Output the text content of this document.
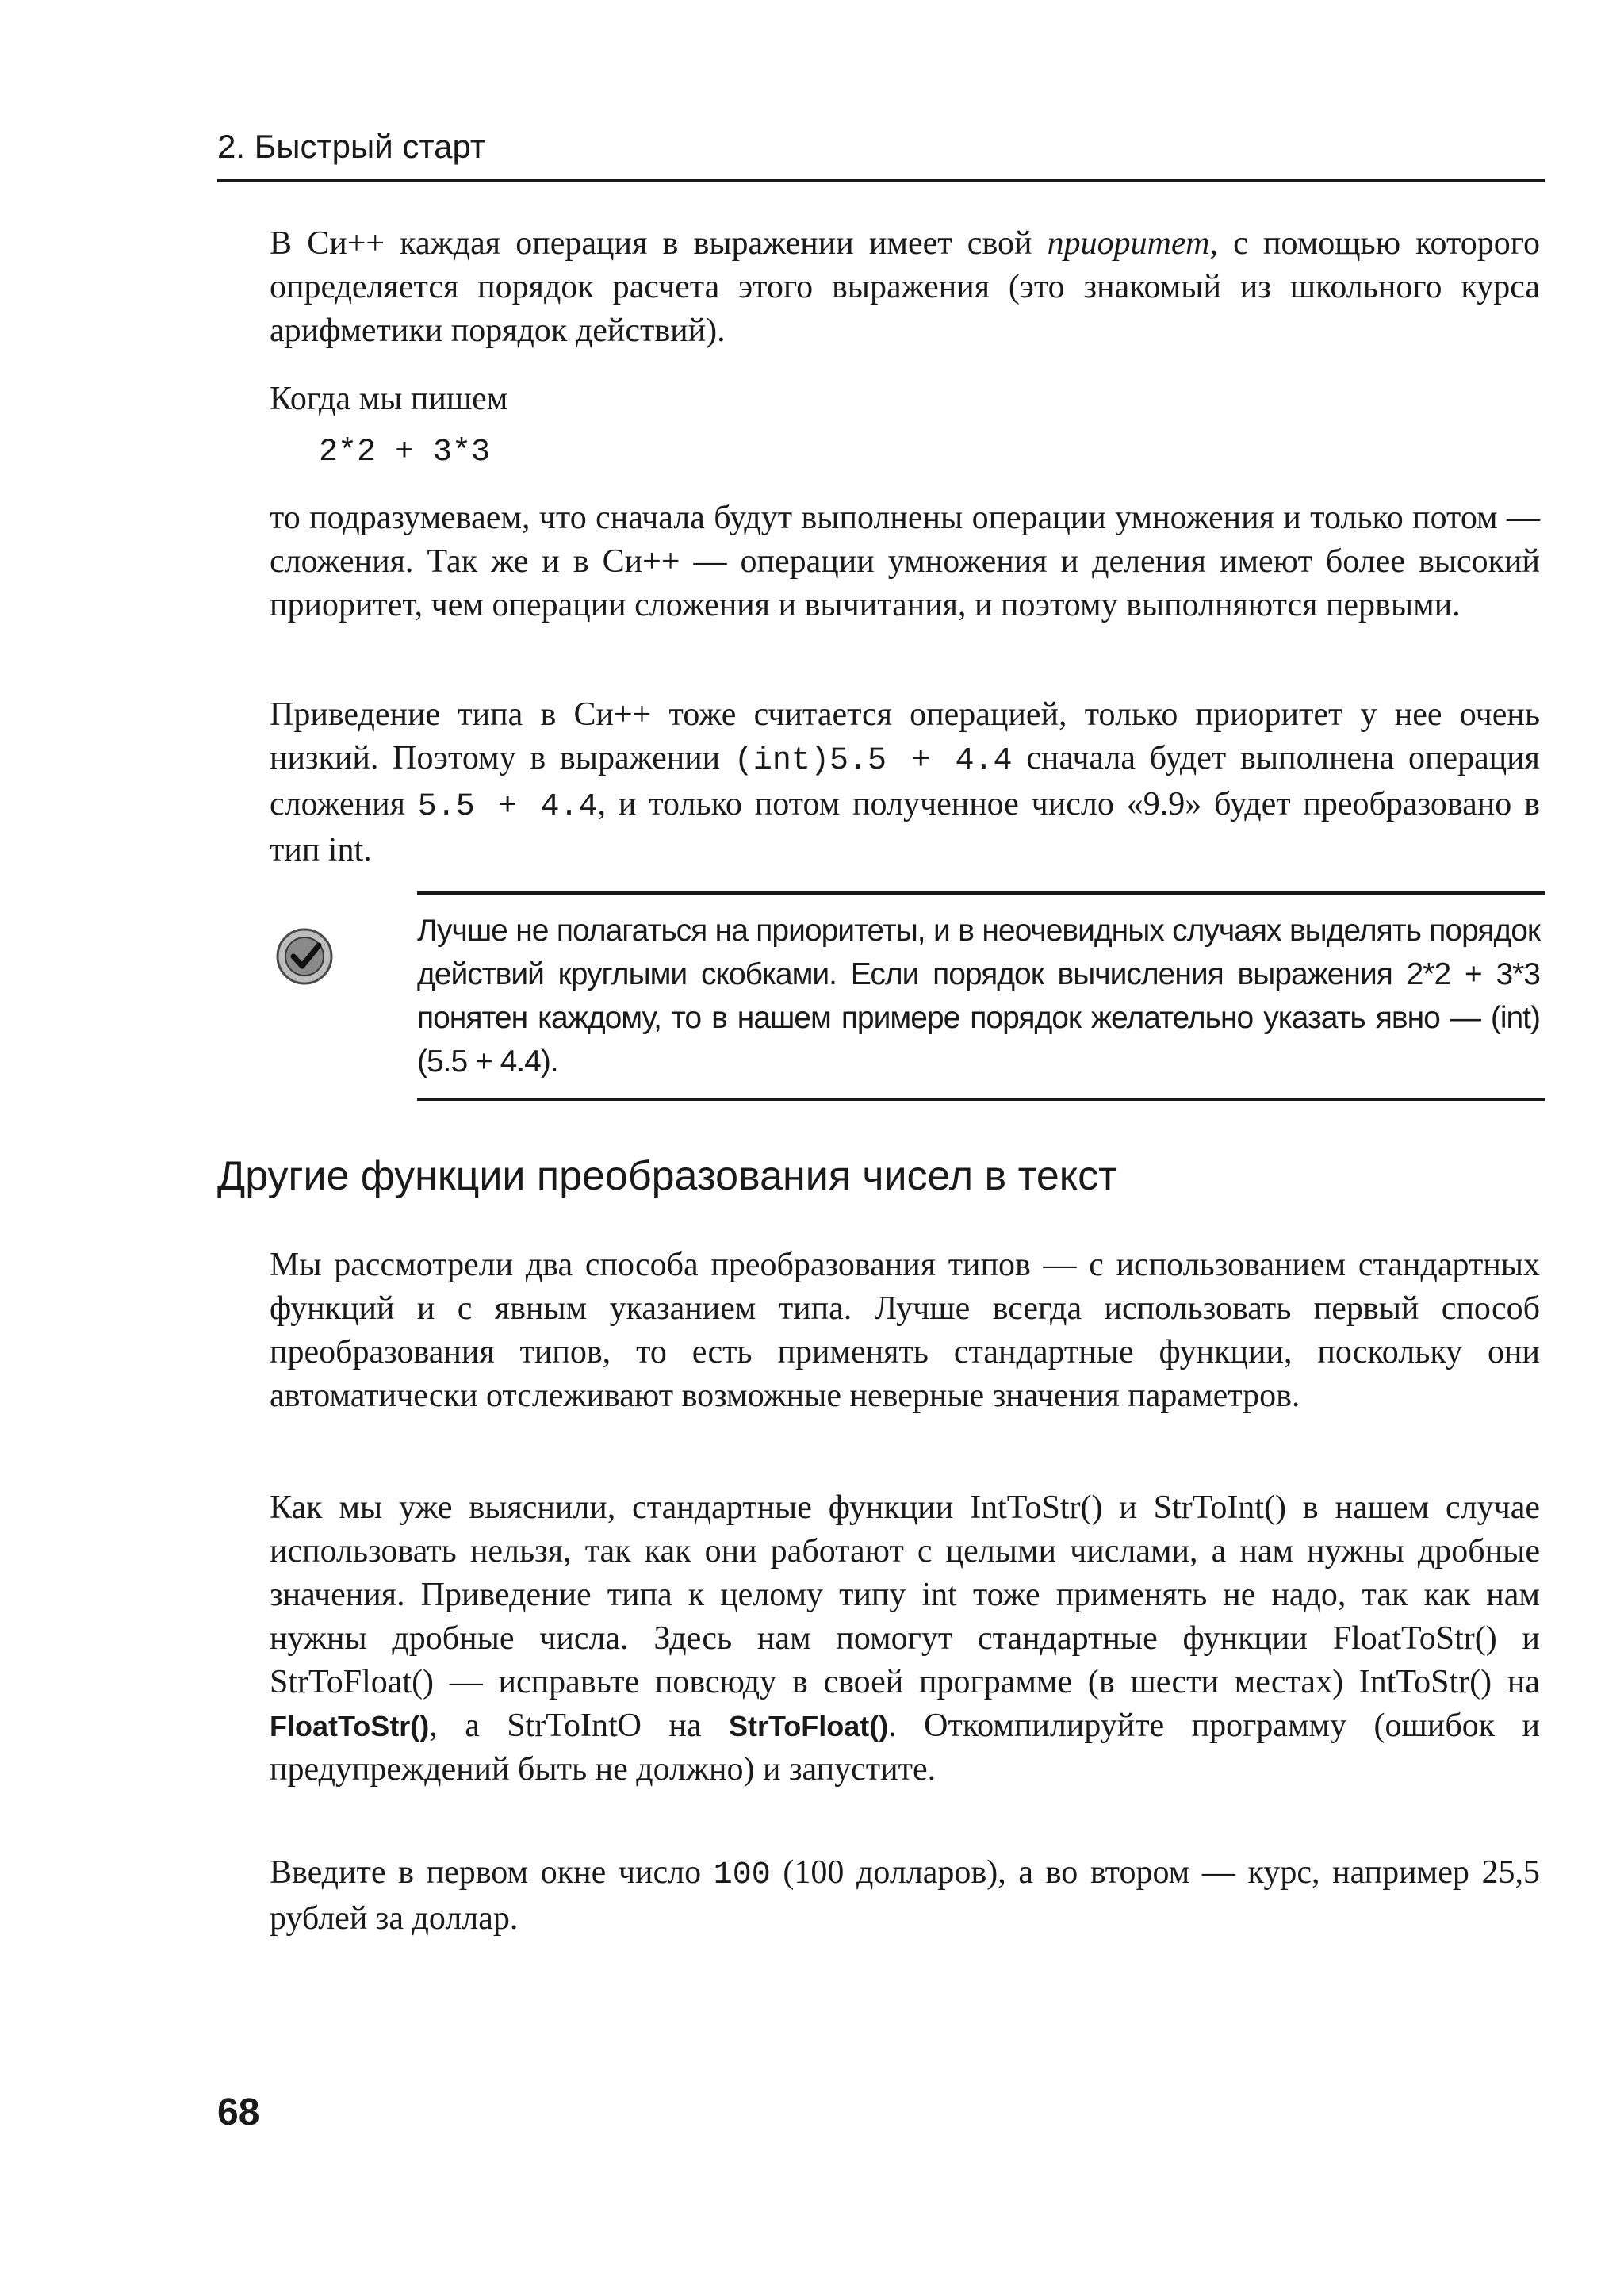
2. Быстрый старт
В Си++ каждая операция в выражении имеет свой приоритет, с помощью которого определяется порядок расчета этого выражения (это знакомый из школьного курса арифметики порядок действий).
Когда мы пишем
2*2 + 3*3
то подразумеваем, что сначала будут выполнены операции умножения и только потом — сложения. Так же и в Си++ — операции умножения и деления имеют более высокий приоритет, чем операции сложения и вычитания, и поэтому выполняются первыми.
Приведение типа в Си++ тоже считается операцией, только приоритет у нее очень низкий. Поэтому в выражении (int)5.5 + 4.4 сначала будет выполнена операция сложения 5.5 + 4.4, и только потом полученное число «9.9» будет преобразовано в тип int.
Лучше не полагаться на приоритеты, и в неочевидных случаях выделять порядок действий круглыми скобками. Если порядок вычисления выражения 2*2 + 3*3 понятен каждому, то в нашем примере порядок желательно указать явно — (int)(5.5 + 4.4).
Другие функции преобразования чисел в текст
Мы рассмотрели два способа преобразования типов — с использованием стандартных функций и с явным указанием типа. Лучше всегда использовать первый способ преобразования типов, то есть применять стандартные функции, поскольку они автоматически отслеживают возможные неверные значения параметров.
Как мы уже выяснили, стандартные функции IntToStr() и StrToInt() в нашем случае использовать нельзя, так как они работают с целыми числами, а нам нужны дробные значения. Приведение типа к целому типу int тоже применять не надо, так как нам нужны дробные числа. Здесь нам помогут стандартные функции FloatToStr() и StrToFloat() — исправьте повсюду в своей программе (в шести местах) IntToStr() на FloatToStr(), а StrToIntO на StrToFloat(). Откомпилируйте программу (ошибок и предупреждений быть не должно) и запустите.
Введите в первом окне число 100 (100 долларов), а во втором — курс, например 25,5 рублей за доллар.
68
